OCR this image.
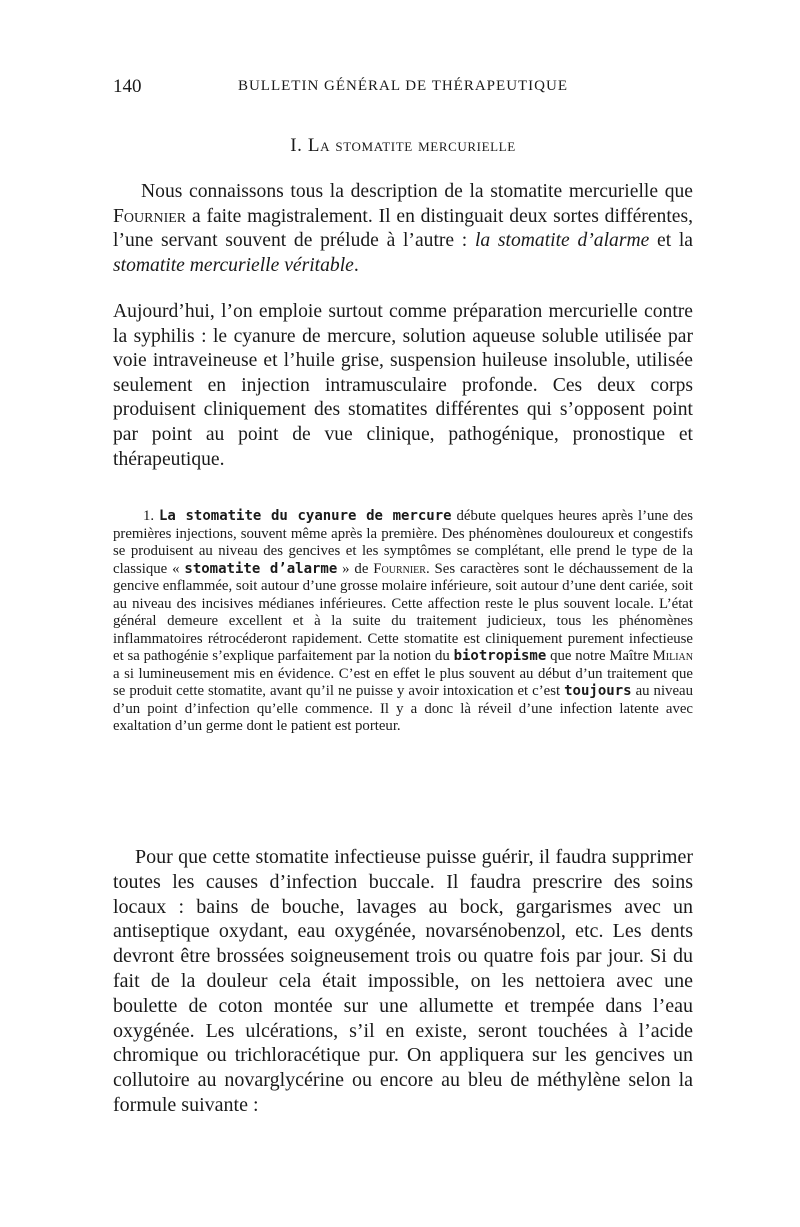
140	BULLETIN GÉNÉRAL DE THÉRAPEUTIQUE
I. La stomatite mercurielle

Nous connaissons tous la description de la stomatite mercurielle que Fournier a faite magistralement. Il en distinguait deux sortes différentes, l’une servant souvent de prélude à l’autre : la stomatite d’alarme et la stomatite mercurielle véritable.

Aujourd’hui, l’on emploie surtout comme préparation mercurielle contre la syphilis : le cyanure de mercure, solution aqueuse soluble utilisée par voie intraveineuse et l’huile grise, suspension huileuse insoluble, utilisée seulement en injection intramusculaire profonde. Ces deux corps produisent cliniquement des stomatites différentes qui s’opposent point par point au point de vue clinique, pathogénique, pronostique et thérapeutique.

1. La stomatite du cyanure de mercure débute quelques heures après l’une des premières injections, souvent même après la première. Des phénomènes douloureux et congestifs se produisent au niveau des gencives et les symptômes se complétant, elle prend le type de la classique « stomatite d’alarme » de Fournier. Ses caractères sont le déchaussement de la gencive enflammée, soit autour d’une grosse molaire inférieure, soit autour d’une dent cariée, soit au niveau des incisives médianes inférieures. Cette affection reste le plus souvent locale. L’état général demeure excellent et à la suite du traitement judicieux, tous les phénomènes inflammatoires rétrocéderont rapidement. Cette stomatite est cliniquement purement infectieuse et sa pathogénie s’explique parfaitement par la notion du biotropisme que notre Maître Milian a si lumineusement mis en évidence. C’est en effet le plus souvent au début d’un traitement que se produit cette stomatite, avant qu’il ne puisse y avoir intoxication et c’est toujours au niveau d’un point d’infection qu’elle commence. Il y a donc là réveil d’une infection latente avec exaltation d’un germe dont le patient est porteur.

Pour que cette stomatite infectieuse puisse guérir, il faudra supprimer toutes les causes d’infection buccale. Il faudra prescrire des soins locaux : bains de bouche, lavages au bock, gargarismes avec un antiseptique oxydant, eau oxygénée, novarsénobenzol, etc. Les dents devront être brossées soigneusement trois ou quatre fois par jour. Si du fait de la douleur cela était impossible, on les nettoiera avec une boulette de coton montée sur une allumette et trempée dans l’eau oxygénée. Les ulcérations, s’il en existe, seront touchées à l’acide chromique ou trichloracétique pur. On appliquera sur les gencives un collutoire au novarglycérine ou encore au bleu de méthylène selon la formule suivante :
